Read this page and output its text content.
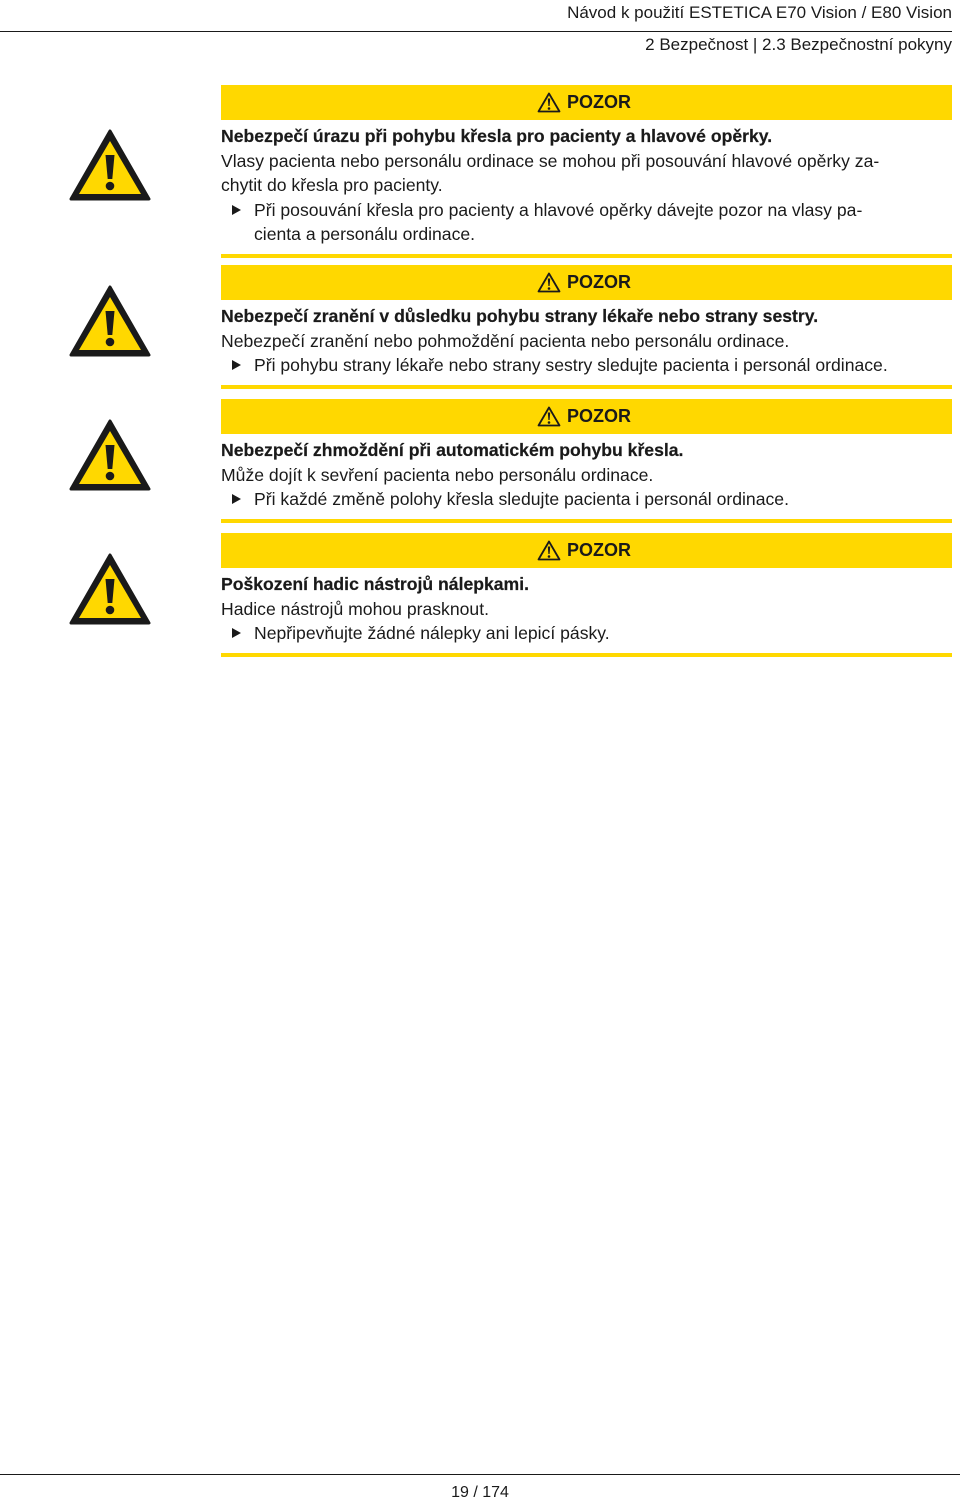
Návod k použití ESTETICA E70 Vision / E80 Vision
2 Bezpečnost | 2.3 Bezpečnostní pokyny
POZOR
Nebezpečí úrazu při pohybu křesla pro pacienty a hlavové opěrky.
Vlasy pacienta nebo personálu ordinace se mohou při posouvání hlavové opěrky za-
chytit do křesla pro pacienty.
Při posouvání křesla pro pacienty a hlavové opěrky dávejte pozor na vlasy pa-
cienta a personálu ordinace.
POZOR
Nebezpečí zranění v důsledku pohybu strany lékaře nebo strany sestry.
Nebezpečí zranění nebo pohmoždění pacienta nebo personálu ordinace.
Při pohybu strany lékaře nebo strany sestry sledujte pacienta i personál ordinace.
POZOR
Nebezpečí zhmoždění při automatickém pohybu křesla.
Může dojít k sevření pacienta nebo personálu ordinace.
Při každé změně polohy křesla sledujte pacienta i personál ordinace.
POZOR
Poškození hadic nástrojů nálepkami.
Hadice nástrojů mohou prasknout.
Nepřipevňujte žádné nálepky ani lepicí pásky.
19 / 174
